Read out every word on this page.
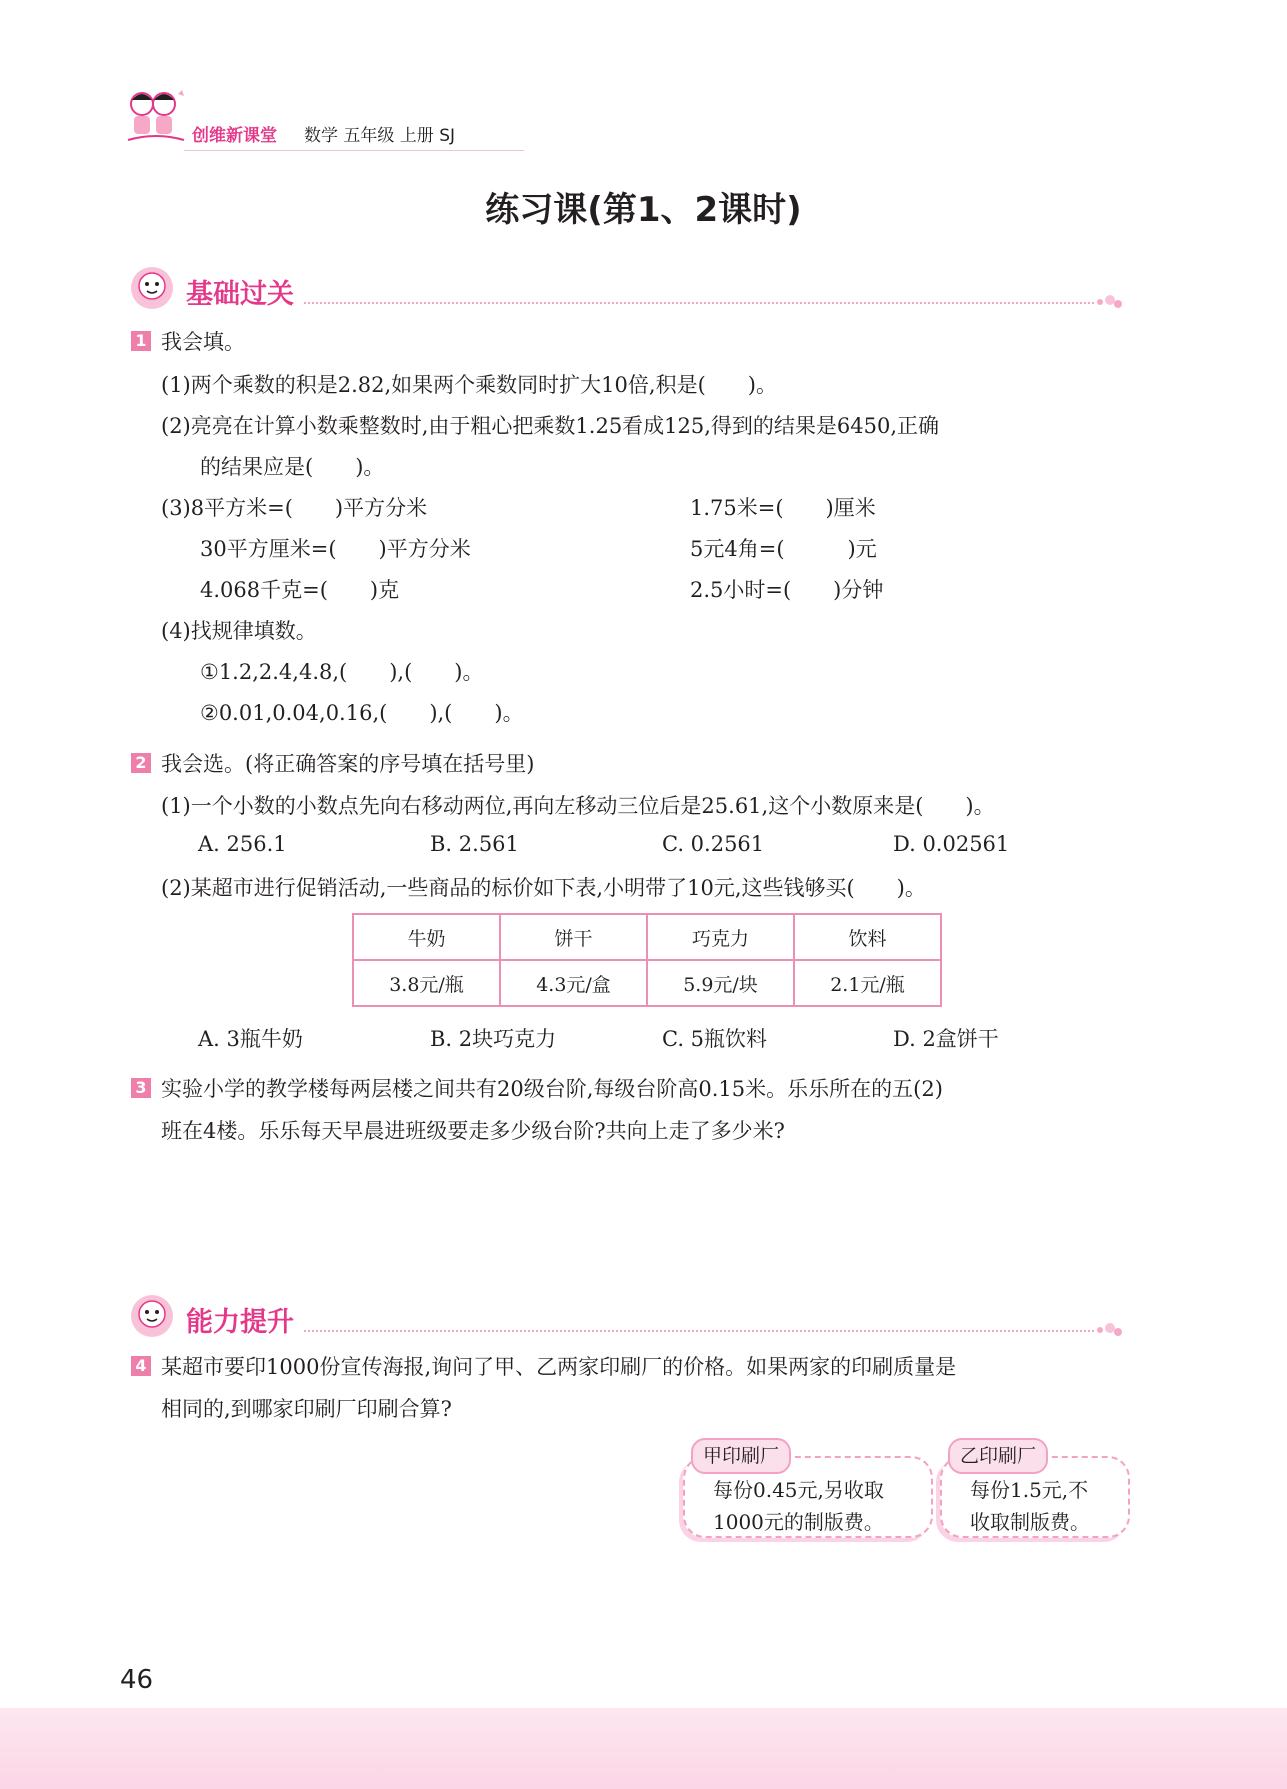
创维新课堂 数学 五年级 上册 SJ
练习课(第1、2课时)
基础过关
1 我会填。
(1)两个乘数的积是2.82,如果两个乘数同时扩大10倍,积是(　　)。
(2)亮亮在计算小数乘整数时,由于粗心把乘数1.25看成125,得到的结果是6450,正确
的结果应是(　　)。
(3)8平方米=(　　)平方分米	1.75米=(　　)厘米
30平方厘米=(　　)平方分米	5元4角=(　　　)元
4.068千克=(　　)克	2.5小时=(　　)分钟
(4)找规律填数。
①1.2,2.4,4.8,(　　),(　　)。
②0.01,0.04,0.16,(　　),(　　)。
2 我会选。(将正确答案的序号填在括号里)
(1)一个小数的小数点先向右移动两位,再向左移动三位后是25.61,这个小数原来是(　　)。
A. 256.1	B. 2.561	C. 0.2561	D. 0.02561
(2)某超市进行促销活动,一些商品的标价如下表,小明带了10元,这些钱够买(　　)。
牛奶	饼干	巧克力	饮料
3.8元/瓶	4.3元/盒	5.9元/块	2.1元/瓶
A. 3瓶牛奶	B. 2块巧克力	C. 5瓶饮料	D. 2盒饼干
3 实验小学的教学楼每两层楼之间共有20级台阶,每级台阶高0.15米。乐乐所在的五(2)
班在4楼。乐乐每天早晨进班级要走多少级台阶?共向上走了多少米?
能力提升
4 某超市要印1000份宣传海报,询问了甲、乙两家印刷厂的价格。如果两家的印刷质量是
相同的,到哪家印刷厂印刷合算?
甲印刷厂
每份0.45元,另收取
1000元的制版费。
乙印刷厂
每份1.5元,不
收取制版费。
46
